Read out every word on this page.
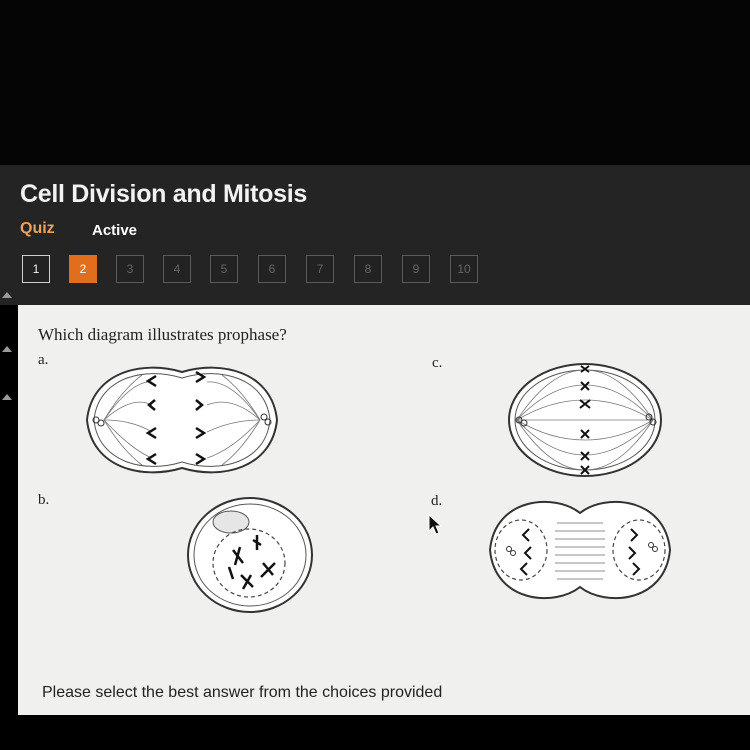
Cell Division and Mitosis
Quiz Active
1	2	3	4	5	6	7	8	9	10
Which diagram illustrates prophase?
a.	c.
b.	d.
Please select the best answer from the choices provided
